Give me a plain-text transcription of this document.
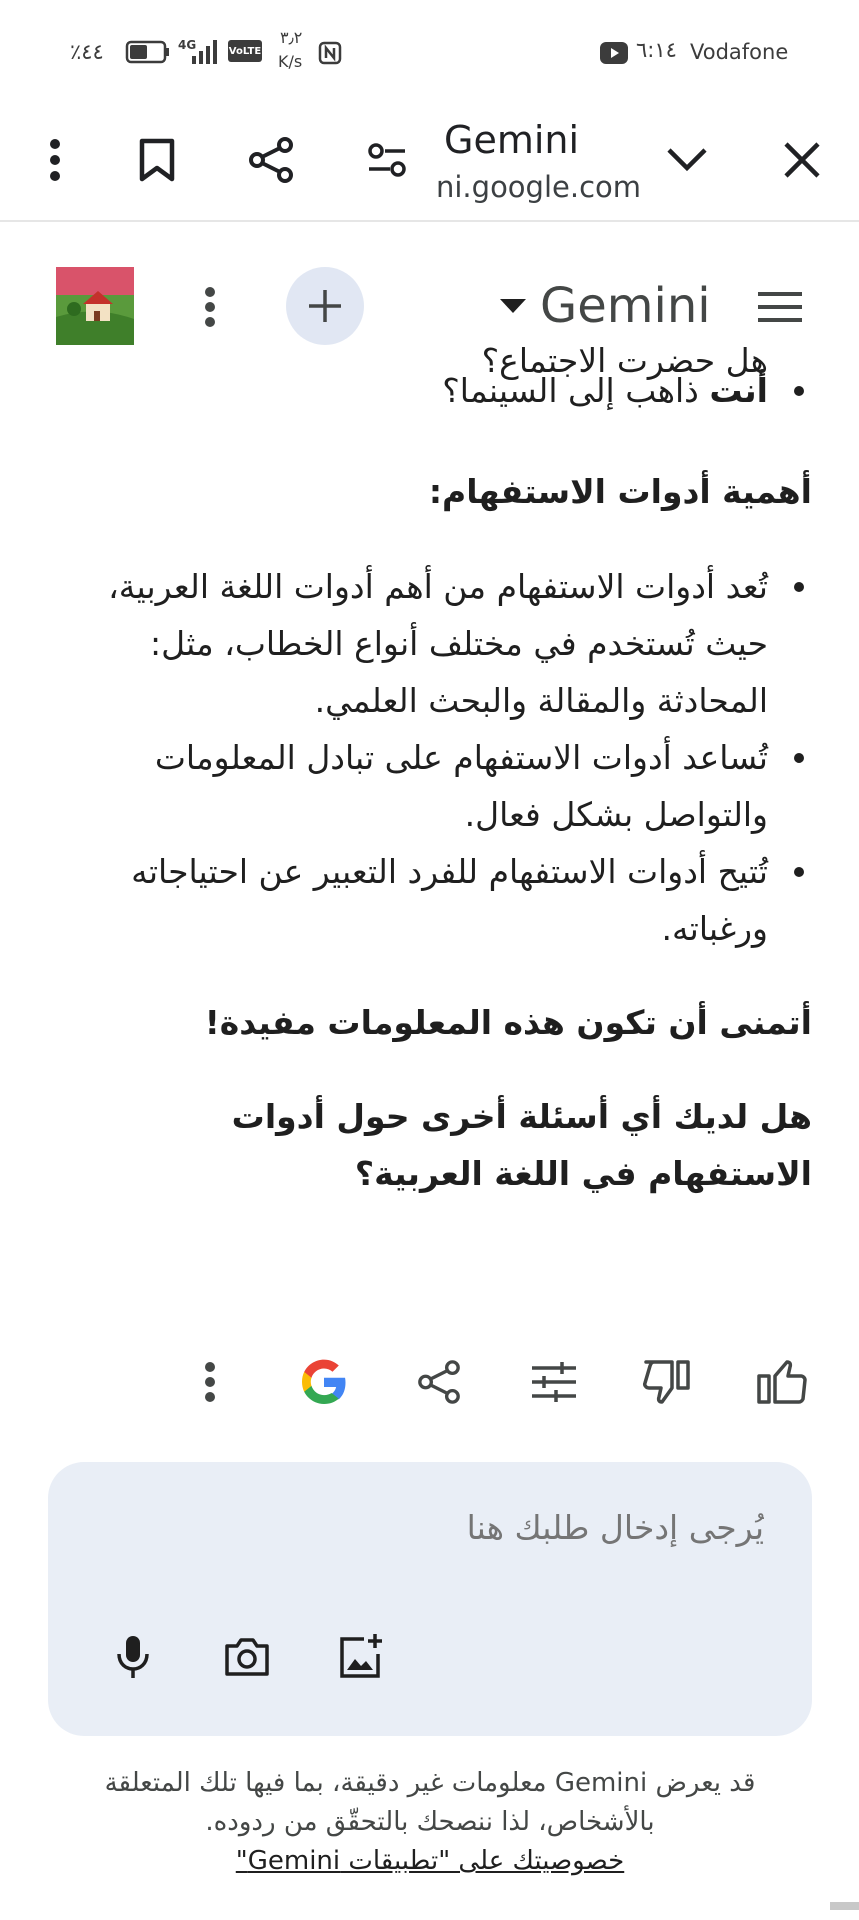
٪٤٤	4G	VoLTE
٣٫٢
K/s	٦:١٤ Vodafone
Gemini
ni.google.com
Gemini
هل حضرت الاجتماع؟
أنت ذاهب إلى السينما؟

أهمية أدوات الاستفهام:

تُعد أدوات الاستفهام من أهم أدوات اللغة العربية، حيث تُستخدم في مختلف أنواع الخطاب، مثل: المحادثة والمقالة والبحث العلمي.
تُساعد أدوات الاستفهام على تبادل المعلومات والتواصل بشكل فعال.
تُتيح أدوات الاستفهام للفرد التعبير عن احتياجاته ورغباته.

أتمنى أن تكون هذه المعلومات مفيدة!

هل لديك أي أسئلة أخرى حول أدوات الاستفهام في اللغة العربية؟

يُرجى إدخال طلبك هنا
قد يعرض Gemini معلومات غير دقيقة، بما فيها تلك المتعلقة بالأشخاص، لذا ننصحك بالتحقّق من ردوده.
خصوصيتك على "تطبيقات Gemini"
